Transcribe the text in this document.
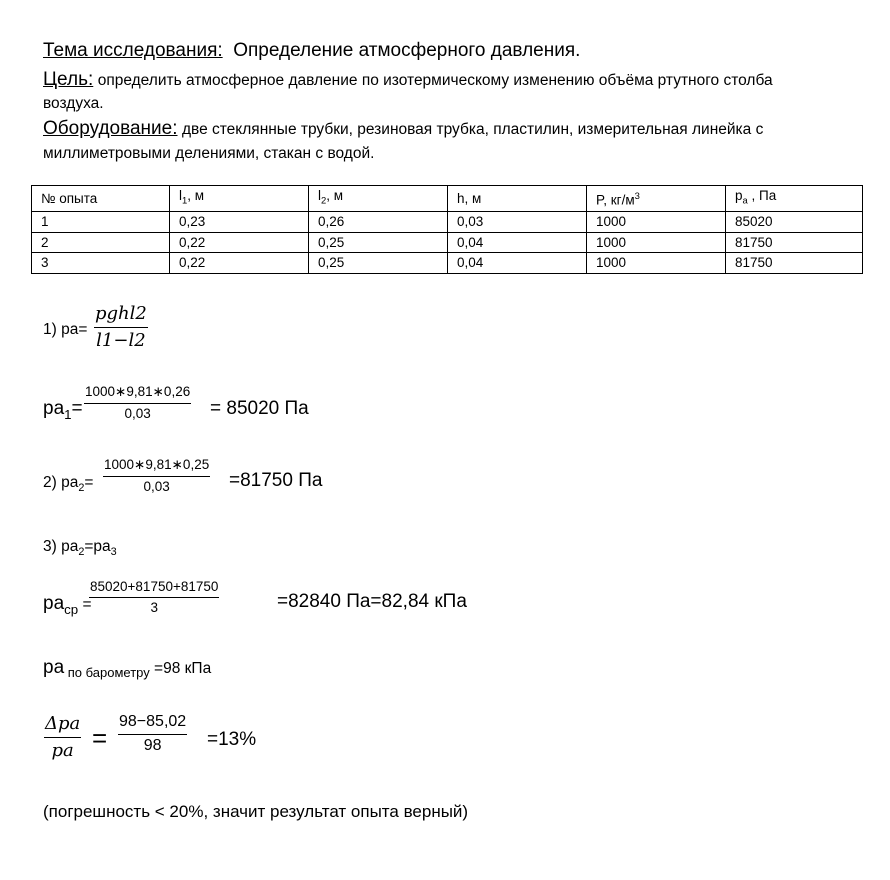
Тема исследования: Определение атмосферного давления.
Цель: определить атмосферное давление по изотермическому изменению объёма ртутного столба
воздуха.
Оборудование: две стеклянные трубки, резиновая трубка, пластилин, измерительная линейка с
миллиметровыми делениями, стакан с водой.
№ опыта	$l_1$, м	$l_2$, м	h, м	P, $кг/м^3$	$p_а$ , Па
1	0,23	0,26	0,03	1000	85020
2	0,22	0,25	0,04	1000	81750
3	0,22	0,25	0,04	1000	81750
1) pa=
pghl2
l1−l2
$pa_1= \frac{1000∗9,81∗0,26}{0,03} = 85020$ Па
2) $pa_2= \frac{1000∗9,81∗0,25}{0,03} =81750$ Па
3) $pa_2=pa_3$
$pa_{ср}$ =
$\frac{85020+81750+81750}{3}$	=82840 Па=82,84 кПа
pa $_{по барометру}$ =98 кПа
Δpa
pa = $\frac{98-85,02}{98} =13\%$
(погрешность < 20%, значит результат опыта верный)
